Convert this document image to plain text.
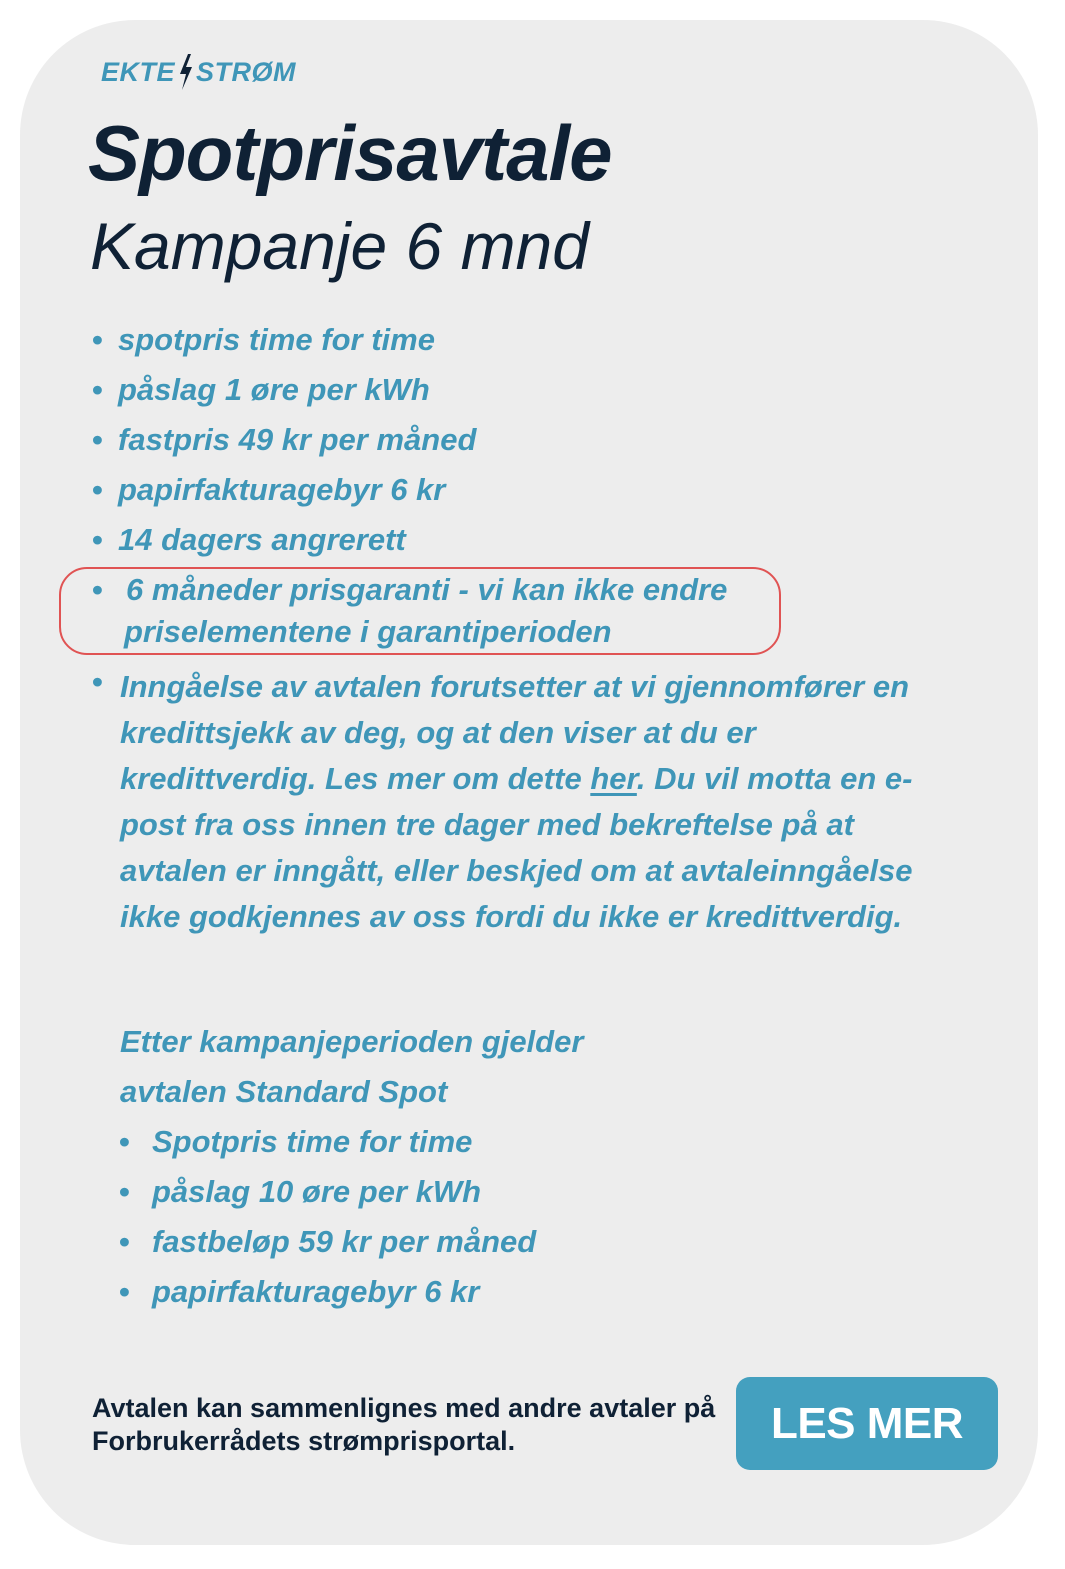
EKTE STRØM
Spotprisavtale
Kampanje 6 mnd
• spotpris time for time
• påslag 1 øre per kWh
• fastpris 49 kr per måned
• papirfakturagebyr 6 kr
• 14 dagers angrerett
• 6 måneder prisgaranti - vi kan ikke endre
priselementene i garantiperioden
• Inngåelse av avtalen forutsetter at vi gjennomfører en kredittsjekk av deg, og at den viser at du er kredittverdig. Les mer om dette her. Du vil motta en e-post fra oss innen tre dager med bekreftelse på at avtalen er inngått, eller beskjed om at avtaleinngåelse ikke godkjennes av oss fordi du ikke er kredittverdig.
Etter kampanjeperioden gjelder
avtalen Standard Spot
• Spotpris time for time
• påslag 10 øre per kWh
• fastbeløp 59 kr per måned
• papirfakturagebyr 6 kr

Avtalen kan sammenlignes med andre avtaler på Forbrukerrådets strømprisportal.	LES MER
